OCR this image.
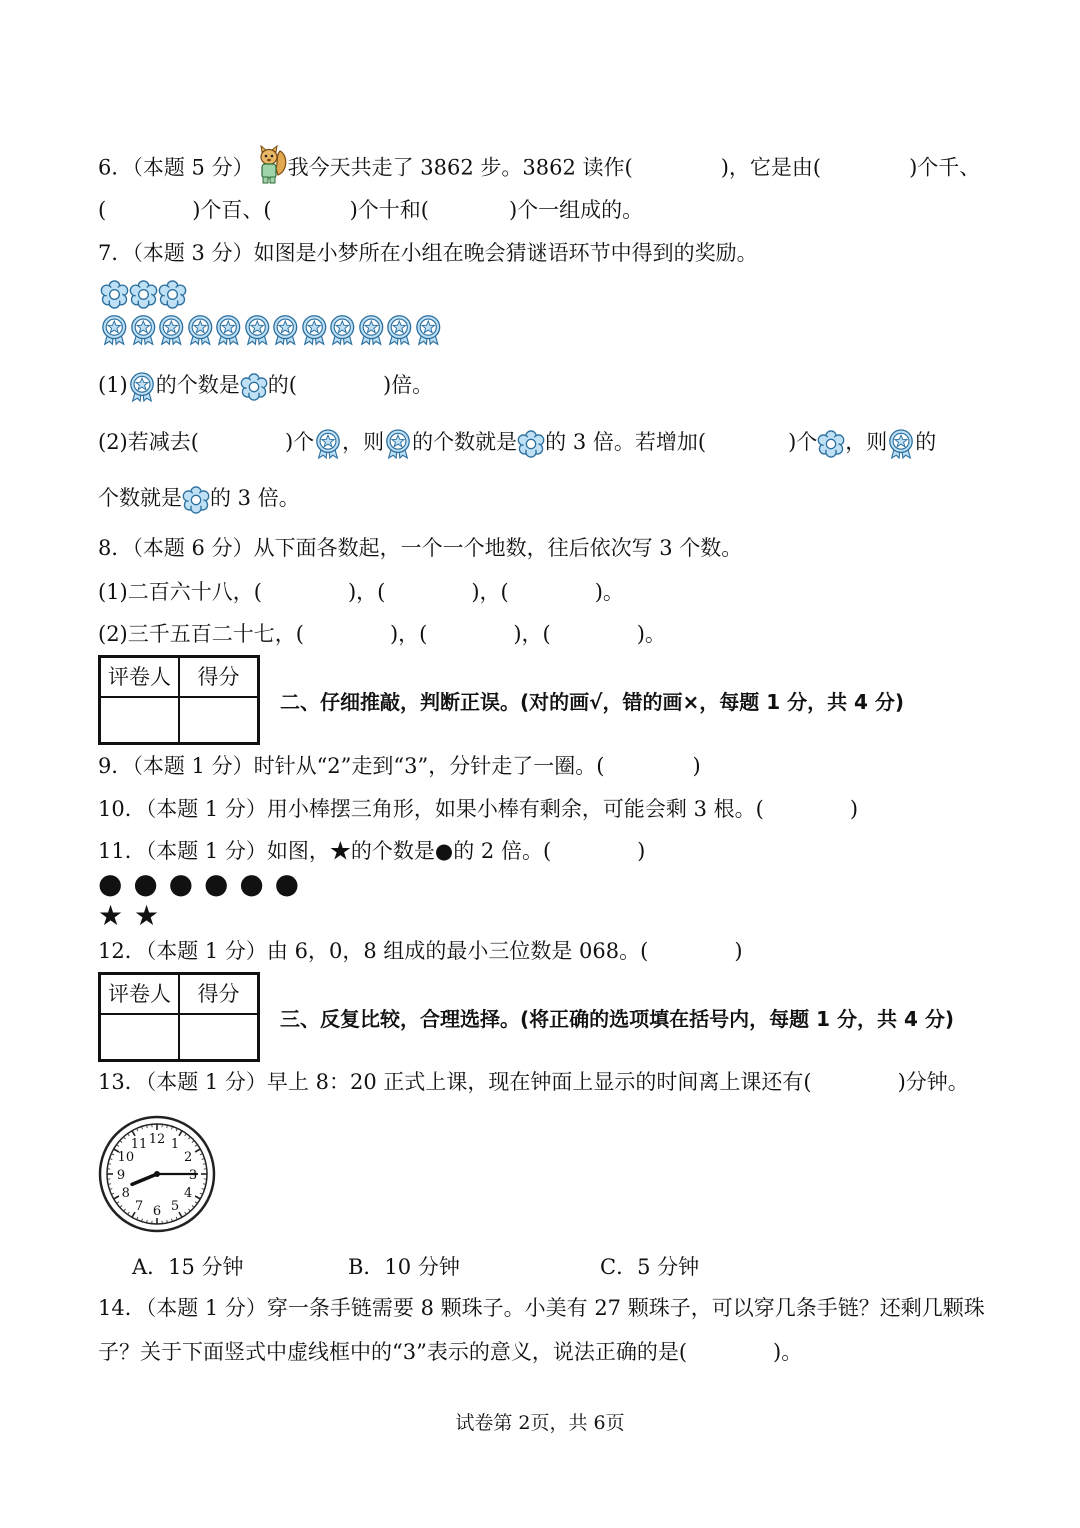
6．（本题 5 分） 我今天共走了 3862 步。3862 读作(	)，它是由(	)个千、
(	)个百、(	)个十和(	)个一组成的。
7．（本题 3 分）如图是小梦所在小组在晚会猜谜语环节中得到的奖励。
(1) 的个数是 的(	)倍。
(2)若减去(	)个 ，则 的个数就是 的 3 倍。若增加(	)个 ，则 的
个数就是 的 3 倍。
8．（本题 6 分）从下面各数起，一个一个地数，往后依次写 3 个数。
(1)二百六十八，(	)，(	)，(	)。
(2)三千五百二十七，(	)，(	)，(	)。
评卷人	得分
二、仔细推敲，判断正误。(对的画√，错的画×，每题 1 分，共 4 分)
9．（本题 1 分）时针从“2”走到“3”，分针走了一圈。(	)
10．（本题 1 分）用小棒摆三角形，如果小棒有剩余，可能会剩 3 根。(	)
11．（本题 1 分）如图，★的个数是●的 2 倍。(	)
● ● ● ● ● ●
★ ★
12．（本题 1 分）由 6，0，8 组成的最小三位数是 068。(	)
评卷人	得分
三、反复比较，合理选择。(将正确的选项填在括号内，每题 1 分，共 4 分)
13．（本题 1 分）早上 8：20 正式上课，现在钟面上显示的时间离上课还有(	)分钟。
12 1
2
3
4
5
6
7
8
9
10
11
A．15 分钟	B．10 分钟	C．5 分钟
14．（本题 1 分）穿一条手链需要 8 颗珠子。小美有 27 颗珠子，可以穿几条手链？还剩几颗珠
子？关于下面竖式中虚线框中的“3”表示的意义，说法正确的是(	)。
试卷第 2页，共 6页
